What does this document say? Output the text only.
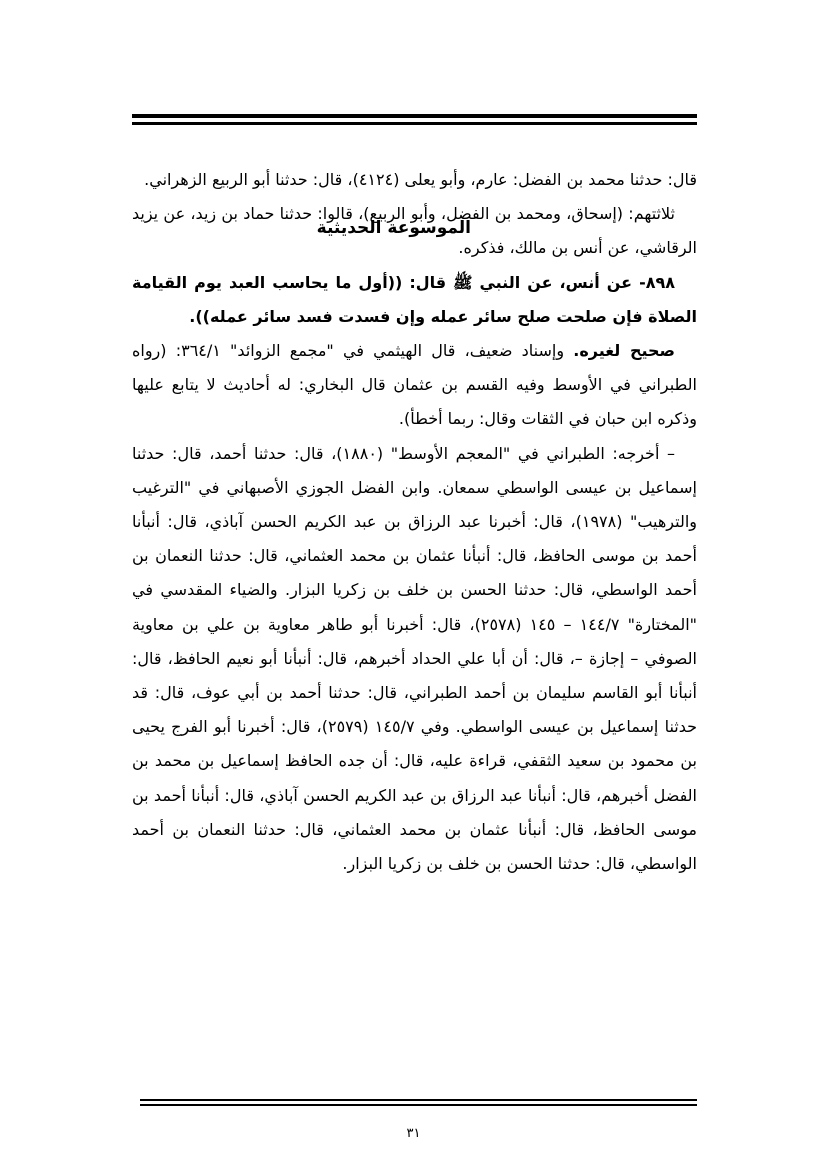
الموسوعة الحديثية

قال: حدثنا محمد بن الفضل: عارم، وأبو يعلى (٤١٢٤)، قال: حدثنا أبو الربيع الزهراني.

ثلاثتهم: (إسحاق، ومحمد بن الفضل، وأبو الربيع)، قالوا: حدثنا حماد بن زيد، عن يزيد الرقاشي، عن أنس بن مالك، فذكره.

٨٩٨- عن أنس، عن النبي ﷺ قال: ((أول ما يحاسب العبد يوم القيامة الصلاة فإن صلحت صلح سائر عمله وإن فسدت فسد سائر عمله)).

صحيح لغيره. وإسناد ضعيف، قال الهيثمي في "مجمع الزوائد" ٣٦٤/١: (رواه الطبراني في الأوسط وفيه القسم بن عثمان قال البخاري: له أحاديث لا يتابع عليها وذكره ابن حبان في الثقات وقال: ربما أخطأ).

– أخرجه: الطبراني في "المعجم الأوسط" (١٨٨٠)، قال: حدثنا أحمد، قال: حدثنا إسماعيل بن عيسى الواسطي سمعان. وابن الفضل الجوزي الأصبهاني في "الترغيب والترهيب" (١٩٧٨)، قال: أخبرنا عبد الرزاق بن عبد الكريم الحسن آباذي، قال: أنبأنا أحمد بن موسى الحافظ، قال: أنبأنا عثمان بن محمد العثماني، قال: حدثنا النعمان بن أحمد الواسطي، قال: حدثنا الحسن بن خلف بن زكريا البزار. والضياء المقدسي في "المختارة" ١٤٤/٧ – ١٤٥ (٢٥٧٨)، قال: أخبرنا أبو طاهر معاوية بن علي بن معاوية الصوفي – إجازة –، قال: أن أبا علي الحداد أخبرهم، قال: أنبأنا أبو نعيم الحافظ، قال: أنبأنا أبو القاسم سليمان بن أحمد الطبراني، قال: حدثنا أحمد بن أبي عوف، قال: قد حدثنا إسماعيل بن عيسى الواسطي. وفي ١٤٥/٧ (٢٥٧٩)، قال: أخبرنا أبو الفرج يحيى بن محمود بن سعيد الثقفي، قراءة عليه، قال: أن جده الحافظ إسماعيل بن محمد بن الفضل أخبرهم، قال: أنبأنا عبد الرزاق بن عبد الكريم الحسن آباذي، قال: أنبأنا أحمد بن موسى الحافظ، قال: أنبأنا عثمان بن محمد العثماني، قال: حدثنا النعمان بن أحمد الواسطي، قال: حدثنا الحسن بن خلف بن زكريا البزار.

٣١
